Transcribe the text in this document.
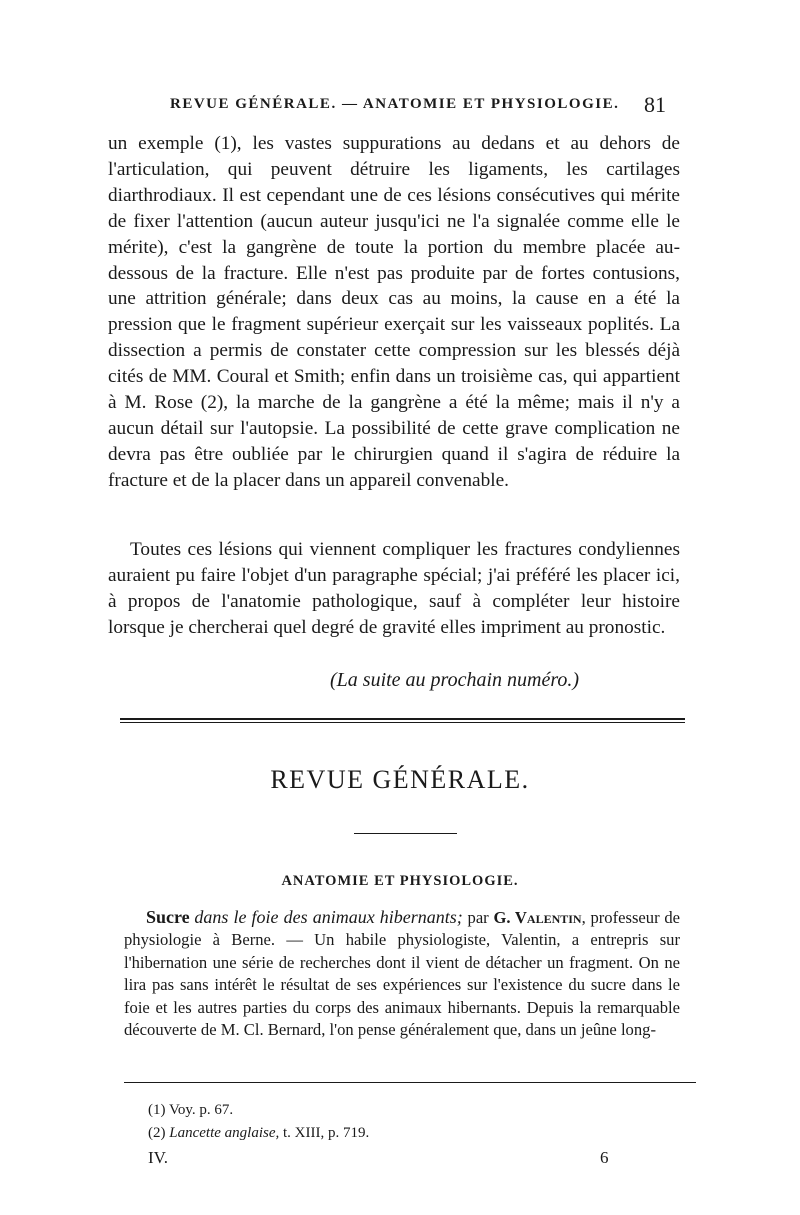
REVUE GÉNÉRALE. — ANATOMIE ET PHYSIOLOGIE.	81

un exemple (1), les vastes suppurations au dedans et au dehors de l'articulation, qui peuvent détruire les ligaments, les cartilages diarthrodiaux. Il est cependant une de ces lésions consécutives qui mérite de fixer l'attention (aucun auteur jusqu'ici ne l'a signalée comme elle le mérite), c'est la gangrène de toute la portion du membre placée au-dessous de la fracture. Elle n'est pas produite par de fortes contusions, une attrition générale; dans deux cas au moins, la cause en a été la pression que le fragment supérieur exerçait sur les vaisseaux poplités. La dissection a permis de constater cette compression sur les blessés déjà cités de MM. Coural et Smith; enfin dans un troisième cas, qui appartient à M. Rose (2), la marche de la gangrène a été la même; mais il n'y a aucun détail sur l'autopsie. La possibilité de cette grave complication ne devra pas être oubliée par le chirurgien quand il s'agira de réduire la fracture et de la placer dans un appareil convenable.

Toutes ces lésions qui viennent compliquer les fractures condyliennes auraient pu faire l'objet d'un paragraphe spécial; j'ai préféré les placer ici, à propos de l'anatomie pathologique, sauf à compléter leur histoire lorsque je chercherai quel degré de gravité elles impriment au pronostic.

(La suite au prochain numéro.)
REVUE GÉNÉRALE.
ANATOMIE ET PHYSIOLOGIE.
Sucre dans le foie des animaux hibernants; par G. Valentin, professeur de physiologie à Berne. — Un habile physiologiste, Valentin, a entrepris sur l'hibernation une série de recherches dont il vient de détacher un fragment. On ne lira pas sans intérêt le résultat de ses expériences sur l'existence du sucre dans le foie et les autres parties du corps des animaux hibernants. Depuis la remarquable découverte de M. Cl. Bernard, l'on pense généralement que, dans un jeûne long-
(1) Voy. p. 67.
(2) Lancette anglaise, t. XIII, p. 719.
IV.	6
